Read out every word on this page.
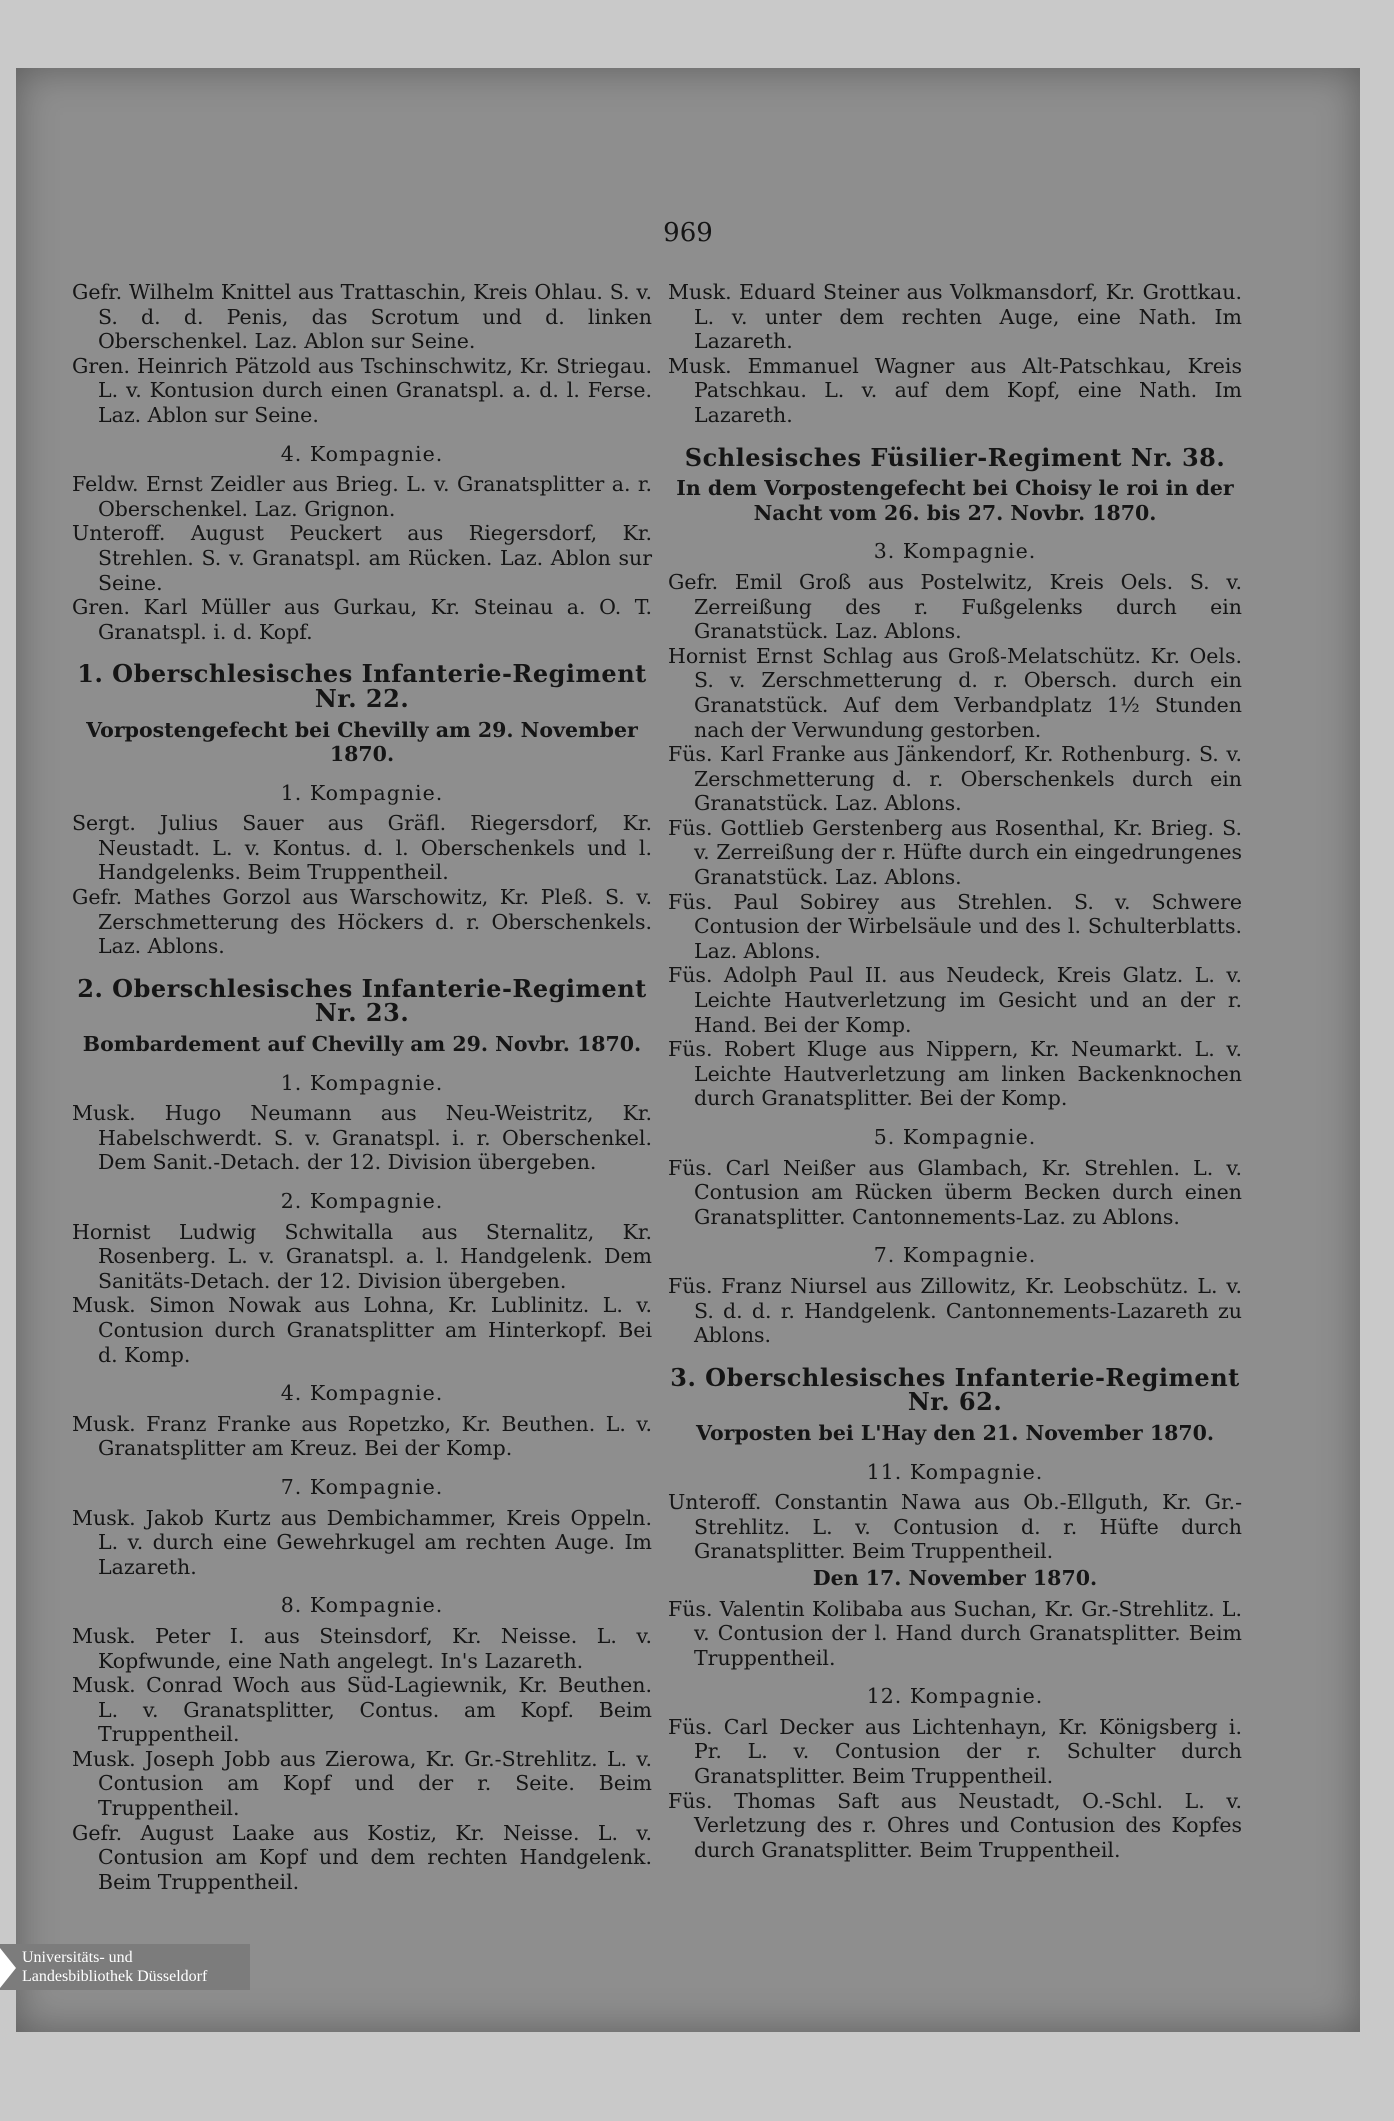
969

Gefr. Wilhelm Knittel aus Trattaschin, Kreis Ohlau. S. v. S. d. d. Penis, das Scrotum und d. linken Oberschenkel. Laz. Ablon sur Seine.

Gren. Heinrich Pätzold aus Tschinschwitz, Kr. Striegau. L. v. Kontusion durch einen Granatspl. a. d. l. Ferse. Laz. Ablon sur Seine.

4. Kompagnie.

Feldw. Ernst Zeidler aus Brieg. L. v. Granatsplitter a. r. Oberschenkel. Laz. Grignon.

Unteroff. August Peuckert aus Riegersdorf, Kr. Strehlen. S. v. Granatspl. am Rücken. Laz. Ablon sur Seine.

Gren. Karl Müller aus Gurkau, Kr. Steinau a. O. T. Granatspl. i. d. Kopf.

1. Oberschlesisches Infanterie-Regiment Nr. 22.

Vorpostengefecht bei Chevilly am 29. November 1870.

1. Kompagnie.

Sergt. Julius Sauer aus Gräfl. Riegersdorf, Kr. Neustadt. L. v. Kontus. d. l. Oberschenkels und l. Handgelenks. Beim Truppentheil.

Gefr. Mathes Gorzol aus Warschowitz, Kr. Pleß. S. v. Zerschmetterung des Höckers d. r. Oberschenkels. Laz. Ablons.

2. Oberschlesisches Infanterie-Regiment Nr. 23.

Bombardement auf Chevilly am 29. Novbr. 1870.

1. Kompagnie.

Musk. Hugo Neumann aus Neu-Weistritz, Kr. Habelschwerdt. S. v. Granatspl. i. r. Oberschenkel. Dem Sanit.-Detach. der 12. Division übergeben.

2. Kompagnie.

Hornist Ludwig Schwitalla aus Sternalitz, Kr. Rosenberg. L. v. Granatspl. a. l. Handgelenk. Dem Sanitäts-Detach. der 12. Division übergeben.

Musk. Simon Nowak aus Lohna, Kr. Lublinitz. L. v. Contusion durch Granatsplitter am Hinterkopf. Bei d. Komp.

4. Kompagnie.

Musk. Franz Franke aus Ropetzko, Kr. Beuthen. L. v. Granatsplitter am Kreuz. Bei der Komp.

7. Kompagnie.

Musk. Jakob Kurtz aus Dembichammer, Kreis Oppeln. L. v. durch eine Gewehrkugel am rechten Auge. Im Lazareth.

8. Kompagnie.

Musk. Peter I. aus Steinsdorf, Kr. Neisse. L. v. Kopfwunde, eine Nath angelegt. In's Lazareth.

Musk. Conrad Woch aus Süd-Lagiewnik, Kr. Beuthen. L. v. Granatsplitter, Contus. am Kopf. Beim Truppentheil.

Musk. Joseph Jobb aus Zierowa, Kr. Gr.-Strehlitz. L. v. Contusion am Kopf und der r. Seite. Beim Truppentheil.

Gefr. August Laake aus Kostiz, Kr. Neisse. L. v. Contusion am Kopf und dem rechten Handgelenk. Beim Truppentheil.

Musk. Eduard Steiner aus Volkmansdorf, Kr. Grottkau. L. v. unter dem rechten Auge, eine Nath. Im Lazareth.

Musk. Emmanuel Wagner aus Alt-Patschkau, Kreis Patschkau. L. v. auf dem Kopf, eine Nath. Im Lazareth.

Schlesisches Füsilier-Regiment Nr. 38.

In dem Vorpostengefecht bei Choisy le roi in der Nacht vom 26. bis 27. Novbr. 1870.

3. Kompagnie.

Gefr. Emil Groß aus Postelwitz, Kreis Oels. S. v. Zerreißung des r. Fußgelenks durch ein Granatstück. Laz. Ablons.

Hornist Ernst Schlag aus Groß-Melatschütz. Kr. Oels. S. v. Zerschmetterung d. r. Obersch. durch ein Granatstück. Auf dem Verbandplatz 1½ Stunden nach der Verwundung gestorben.

Füs. Karl Franke aus Jänkendorf, Kr. Rothenburg. S. v. Zerschmetterung d. r. Oberschenkels durch ein Granatstück. Laz. Ablons.

Füs. Gottlieb Gerstenberg aus Rosenthal, Kr. Brieg. S. v. Zerreißung der r. Hüfte durch ein eingedrungenes Granatstück. Laz. Ablons.

Füs. Paul Sobirey aus Strehlen. S. v. Schwere Contusion der Wirbelsäule und des l. Schulterblatts. Laz. Ablons.

Füs. Adolph Paul II. aus Neudeck, Kreis Glatz. L. v. Leichte Hautverletzung im Gesicht und an der r. Hand. Bei der Komp.

Füs. Robert Kluge aus Nippern, Kr. Neumarkt. L. v. Leichte Hautverletzung am linken Backenknochen durch Granatsplitter. Bei der Komp.

5. Kompagnie.

Füs. Carl Neißer aus Glambach, Kr. Strehlen. L. v. Contusion am Rücken überm Becken durch einen Granatsplitter. Cantonnements-Laz. zu Ablons.

7. Kompagnie.

Füs. Franz Niursel aus Zillowitz, Kr. Leobschütz. L. v. S. d. d. r. Handgelenk. Cantonnements-Lazareth zu Ablons.

3. Oberschlesisches Infanterie-Regiment Nr. 62.

Vorposten bei L'Hay den 21. November 1870.

11. Kompagnie.

Unteroff. Constantin Nawa aus Ob.-Ellguth, Kr. Gr.-Strehlitz. L. v. Contusion d. r. Hüfte durch Granatsplitter. Beim Truppentheil.

Den 17. November 1870.

Füs. Valentin Kolibaba aus Suchan, Kr. Gr.-Strehlitz. L. v. Contusion der l. Hand durch Granatsplitter. Beim Truppentheil.

12. Kompagnie.

Füs. Carl Decker aus Lichtenhayn, Kr. Königsberg i. Pr. L. v. Contusion der r. Schulter durch Granatsplitter. Beim Truppentheil.

Füs. Thomas Saft aus Neustadt, O.-Schl. L. v. Verletzung des r. Ohres und Contusion des Kopfes durch Granatsplitter. Beim Truppentheil.

Universitäts- und
Landesbibliothek Düsseldorf
